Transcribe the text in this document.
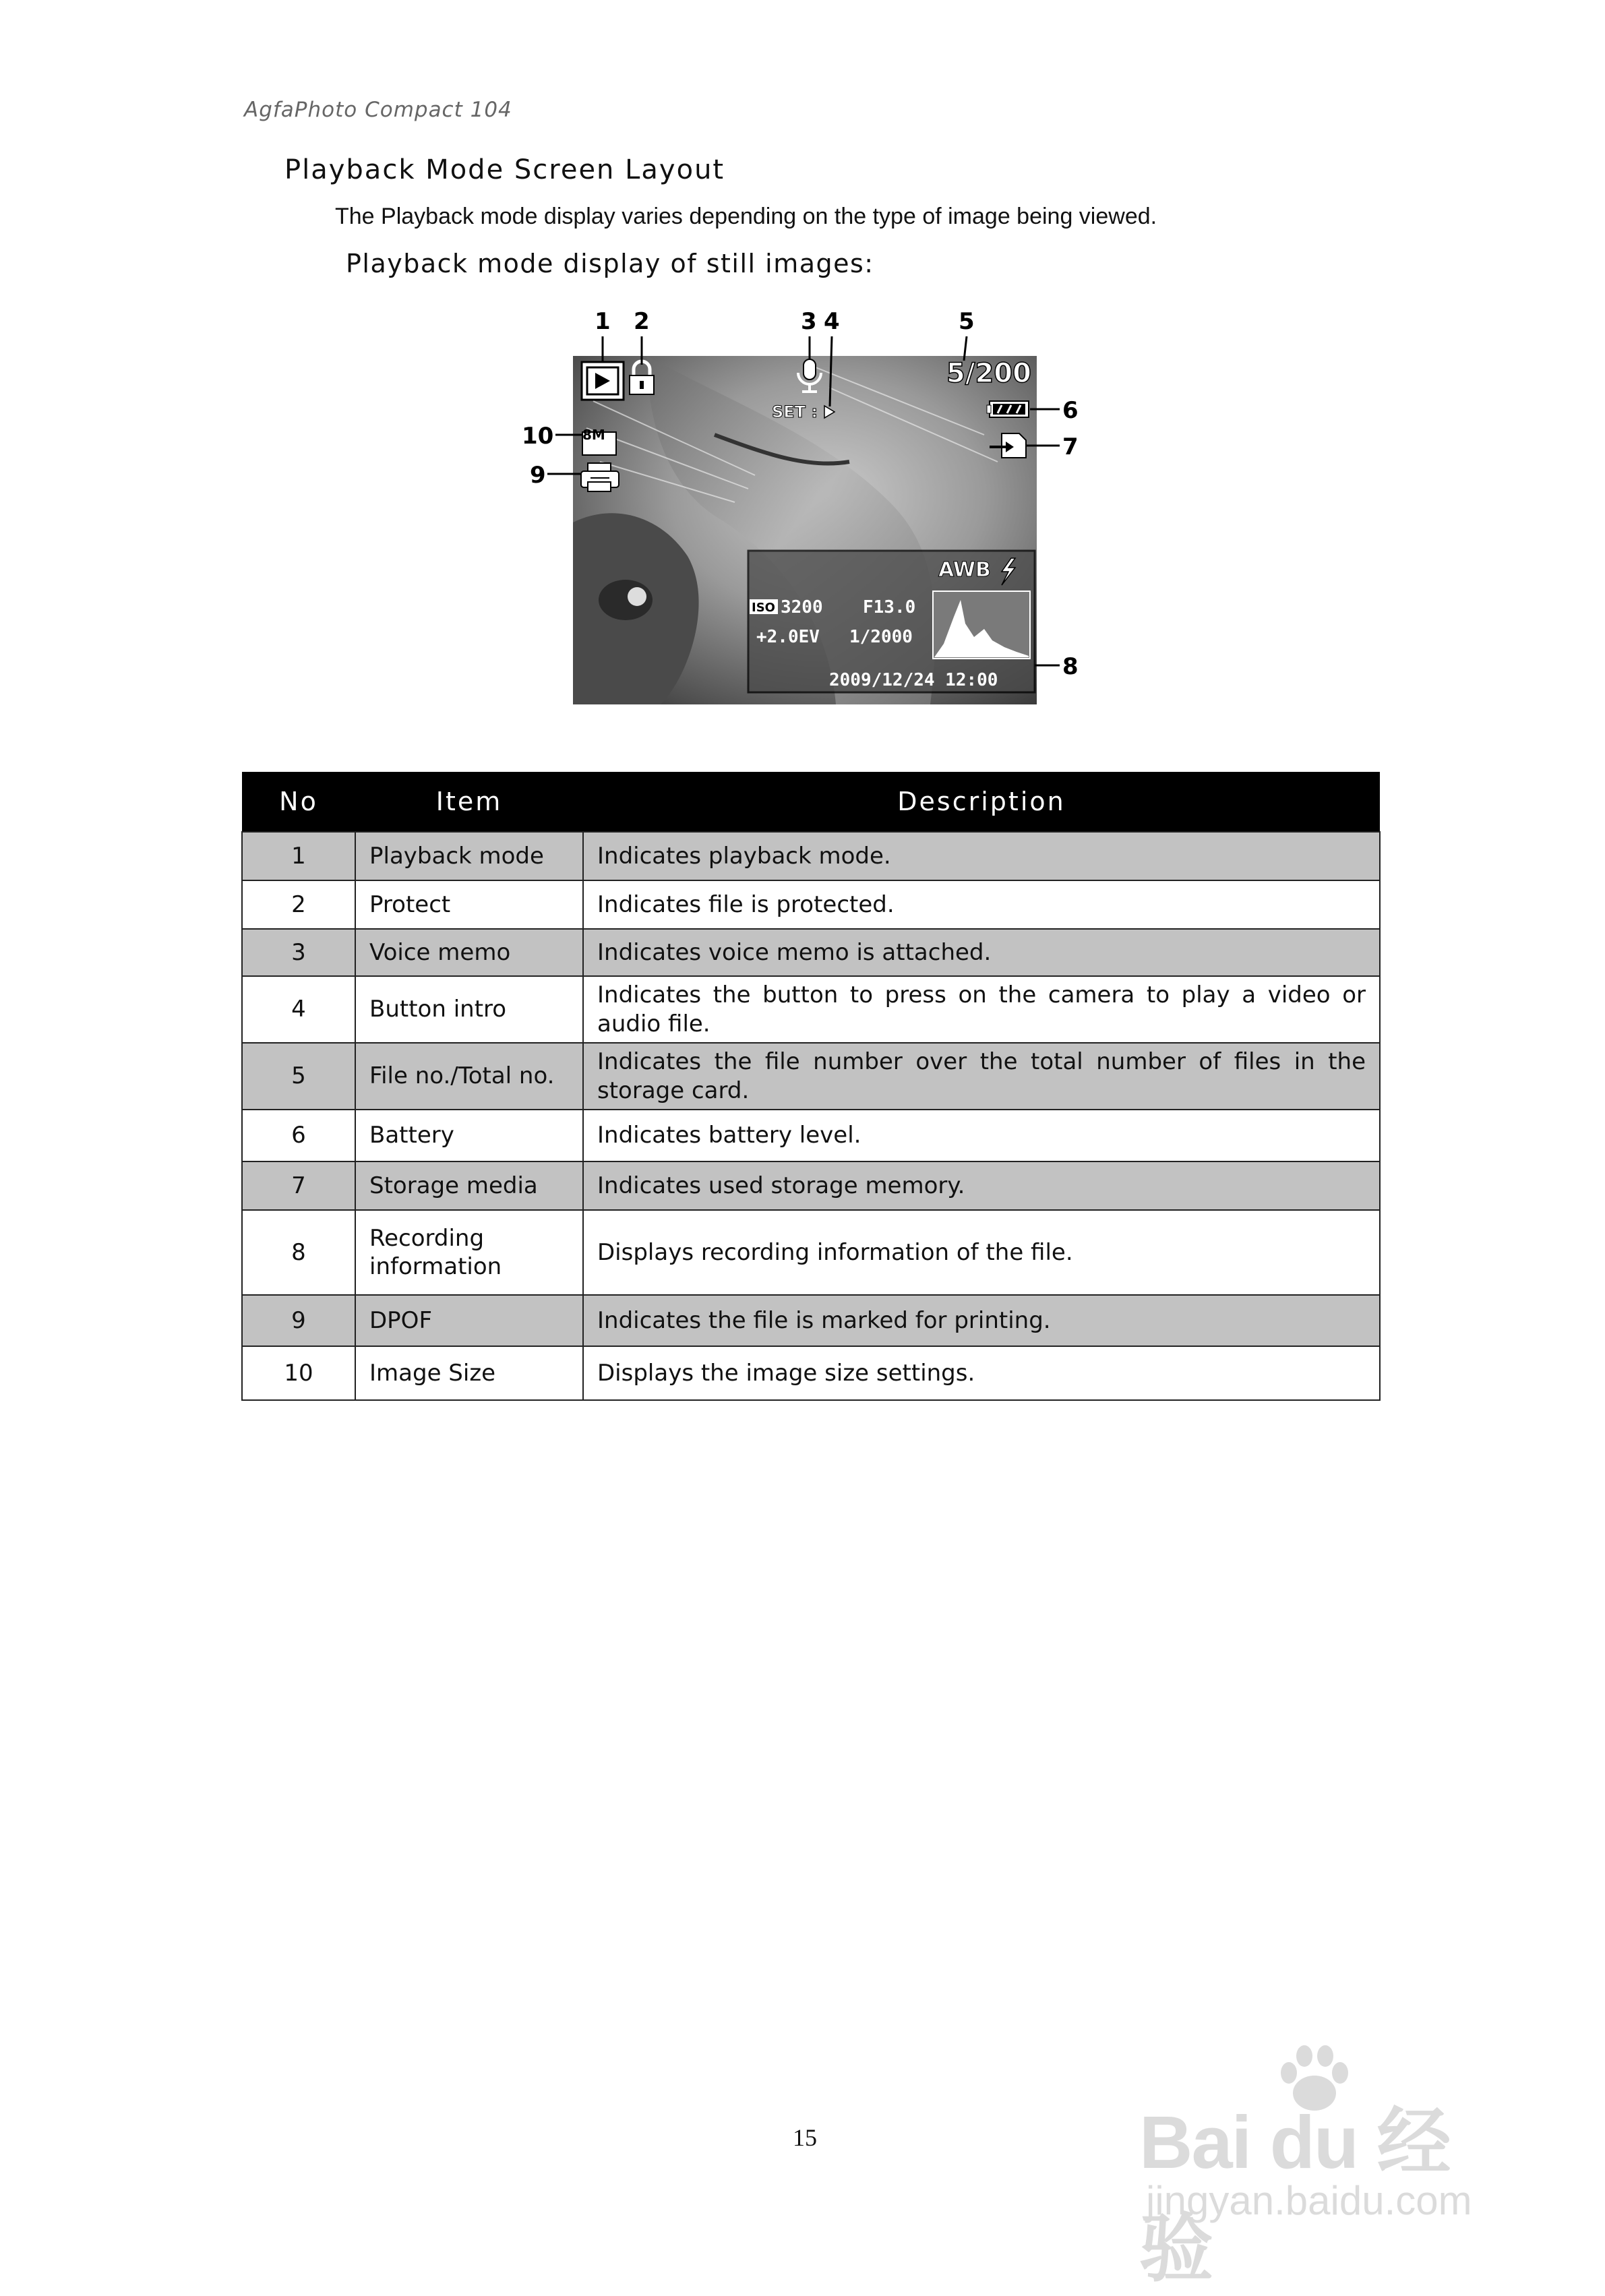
AgfaPhoto Compact 104
Playback Mode Screen Layout
The Playback mode display varies depending on the type of image being viewed.
Playback mode display of still images:
SET :
5/200
8M
AWB
ISO 3200 F13.0
+2.0EV 1/2000
2009/12/24 12:00
1 2	3 4	5
6
7
8
9
10
No	Item	Description
1	Playback mode	Indicates playback mode.
2	Protect	Indicates file is protected.
3	Voice memo	Indicates voice memo is attached.
4	Button intro	Indicates the button to press on the camera to play a video or audio file.
5	File no./Total no.	Indicates the file number over the total number of files in the storage card.
6	Battery	Indicates battery level.
7	Storage media	Indicates used storage memory.
8	Recording information	Displays recording information of the file.
9	DPOF	Indicates the file is marked for printing.
10	Image Size	Displays the image size settings.
15	Bai du 经验
jingyan.baidu.com
